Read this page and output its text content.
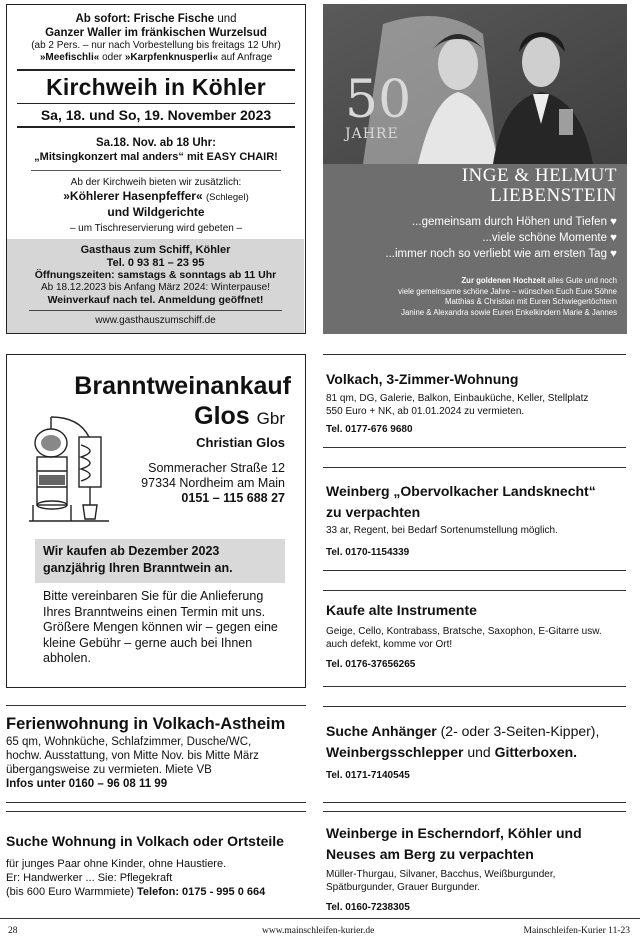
Ab sofort: Frische Fische und
Ganzer Waller im fränkischen Wurzelsud
(ab 2 Pers. – nur nach Vorbestellung bis freitags 12 Uhr)
»Meefischli« oder »Karpfenknusperli« auf Anfrage
Kirchweih in Köhler
Sa, 18. und So, 19. November 2023
Sa.18. Nov. ab 18 Uhr:
„Mitsingkonzert mal anders“ mit EASY CHAIR!
Ab der Kirchweih bieten wir zusätzlich:
»Köhlerer Hasenpfeffer« (Schlegel)
und Wildgerichte
– um Tischreservierung wird gebeten –
Gasthaus zum Schiff, Köhler
Tel. 0 93 81 – 23 95
Öffnungszeiten: samstags & sonntags ab 11 Uhr
Ab 18.12.2023 bis Anfang März 2024: Winterpause!
Weinverkauf nach tel. Anmeldung geöffnet!
www.gasthauszumschiff.de
50
JAHRE
INGE & HELMUT
LIEBENSTEIN
...gemeinsam durch Höhen und Tiefen ♥
...viele schöne Momente ♥
...immer noch so verliebt wie am ersten Tag ♥
Zur goldenen Hochzeit alles Gute und noch
viele gemeinsame schöne Jahre – wünschen Euch Eure Söhne
Matthias & Christian mit Euren Schwiegertöchtern
Janine & Alexandra sowie Euren Enkelkindern Marie & Jannes
Branntweinankauf
Glos Gbr
Christian Glos
Sommeracher Straße 12
97334 Nordheim am Main
0151 – 115 688 27
Wir kaufen ab Dezember 2023
ganzjährig Ihren Branntwein an.
Bitte vereinbaren Sie für die Anlieferung
Ihres Branntweins einen Termin mit uns.
Größere Mengen können wir – gegen eine
kleine Gebühr – gerne auch bei Ihnen
abholen.
Volkach, 3-Zimmer-Wohnung
81 qm, DG, Galerie, Balkon, Einbauküche, Keller, Stellplatz
550 Euro + NK, ab 01.01.2024 zu vermieten.
Tel. 0177-676 9680
Weinberg „Obervolkacher Landsknecht“
zu verpachten
33 ar, Regent, bei Bedarf Sortenumstellung möglich.
Tel. 0170-1154339
Kaufe alte Instrumente
Geige, Cello, Kontrabass, Bratsche, Saxophon, E-Gitarre usw.
auch defekt, komme vor Ort!
Tel. 0176-37656265
Suche Anhänger (2- oder 3-Seiten-Kipper),
Weinbergsschlepper und Gitterboxen.
Tel. 0171-7140545
Weinberge in Escherndorf, Köhler und
Neuses am Berg zu verpachten
Müller-Thurgau, Silvaner, Bacchus, Weißburgunder,
Spätburgunder, Grauer Burgunder.
Tel. 0160-7238305
Ferienwohnung in Volkach-Astheim
65 qm, Wohnküche, Schlafzimmer, Dusche/WC,
hochw. Ausstattung, von Mitte Nov. bis Mitte März
übergangsweise zu vermieten. Miete VB
Infos unter 0160 – 96 08 11 99
Suche Wohnung in Volkach oder Ortsteile
für junges Paar ohne Kinder, ohne Haustiere.
Er: Handwerker ... Sie: Pflegekraft
(bis 600 Euro Warmmiete) Telefon: 0175 - 995 0 664
28	www.mainschleifen-kurier.de	Mainschleifen-Kurier 11-23
